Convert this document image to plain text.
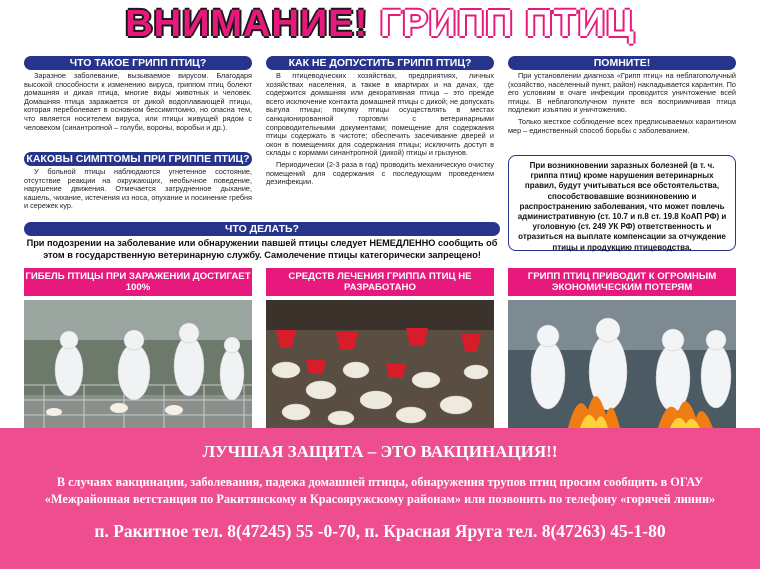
ВНИМАНИЕ! ГРИПП ПТИЦ
ЧТО ТАКОЕ ГРИПП ПТИЦ?

Заразное заболевание, вызываемое вирусом. Благодаря высокой способности к изменению вируса, гриппом птиц болеют домашняя и дикая птица, многие виды животных и человек. Домашняя птица заражается от дикой водоплавающей птицы, которая переболевает в основном бессимптомно, но опасна тем, что является носителем вируса, или птицы живущей рядом с человеком (синантропной – голуби, вороны, воробьи и др.).

КАКОВЫ СИМПТОМЫ ПРИ ГРИППЕ ПТИЦ?

У больной птицы наблюдаются угнетенное состояние, отсутствие реакции на окружающих, необычное поведение, нарушение движения. Отмечается затрудненное дыхание, кашель, чихание, истечения из носа, опухание и посинение гребня и сережек кур.

КАК НЕ ДОПУСТИТЬ ГРИПП ПТИЦ?

В птицеводческих хозяйствах, предприятиях, личных хозяйствах населения, а также в квартирах и на дачах, где содержится домашняя или декоративная птица – это прежде всего исключение контакта домашней птицы с дикой; не допускать выгула птицы; покупку птицы осуществлять в местах санкционированной торговли с ветеринарными сопроводительными документами; помещение для содержания птицы содержать в чистоте; обеспечить засечивание дверей и окон в помещениях для содержания птицы; исключить доступ в склады с кормами синантропной (дикой) птицы и грызунов.

Периодически (2-3 раза в год) проводить механическую очистку помещений для содержания с последующим проведением дезинфекции.

ПОМНИТЕ!

При установлении диагноза «Грипп птиц» на неблагополучный (хозяйство, населенный пункт, район) накладывается карантин. По его условиям в очаге инфекции проводится уничтожение всей птицы. В неблагополучном пункте вся восприимчивая птица подлежит изъятию и уничтожению.

Только жесткое соблюдение всех предписываемых карантином мер – единственный способ борьбы с заболеванием.

При возникновении заразных болезней (в т. ч. гриппа птиц) кроме нарушения ветеринарных правил, будут учитываться все обстоятельства, способствовавшие возникновению и распространению заболевания, что может повлечь административную (ст. 10.7 и п.8 ст. 19.8 КоАП РФ) и уголовную (ст. 249 УК РФ) ответственность и отразиться на выплате компенсации за отчуждение птицы и продукцию птицеводства.
ЧТО ДЕЛАТЬ?
При подозрении на заболевание или обнаружении павшей птицы следует НЕМЕДЛЕННО сообщить об этом в государственную ветеринарную службу. Самолечение птицы категорически запрещено!
ГИБЕЛЬ ПТИЦЫ ПРИ ЗАРАЖЕНИИ ДОСТИГАЕТ 100%
СРЕДСТВ ЛЕЧЕНИЯ ГРИППА ПТИЦ НЕ РАЗРАБОТАНО
ГРИПП ПТИЦ ПРИВОДИТ К ОГРОМНЫМ ЭКОНОМИЧЕСКИМ ПОТЕРЯМ
ЛУЧШАЯ ЗАЩИТА – ЭТО ВАКЦИНАЦИЯ!!
В случаях вакцинации, заболевания, падежа домашней птицы, обнаружения трупов птиц просим сообщить в ОГАУ «Межрайонная ветстанция по Ракитянскому и Красояружскому районам» или позвонить по телефону «горячей линии»
п. Ракитное тел. 8(47245) 55 -0-70, п. Красная Яруга тел. 8(47263) 45-1-80
